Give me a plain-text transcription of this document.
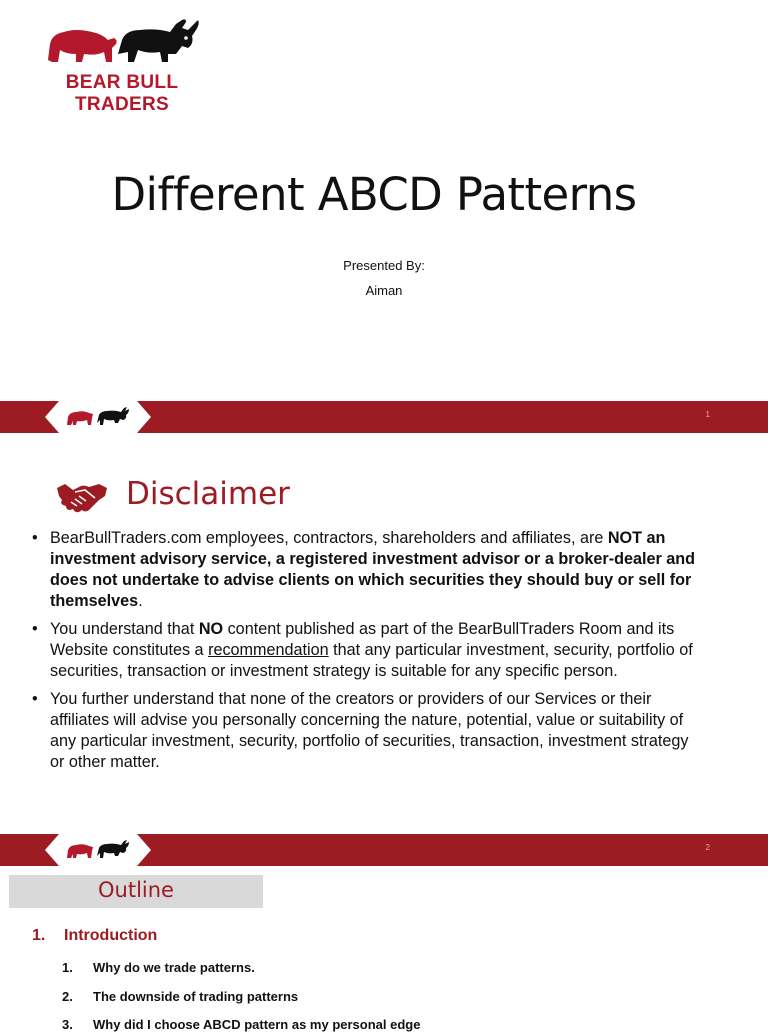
BEAR BULL TRADERS
Different ABCD Patterns
Presented By:
Aiman
1
Disclaimer
• BearBullTraders.com employees, contractors, shareholders and affiliates, are NOT an investment advisory service, a registered investment advisor or a broker-dealer and does not undertake to advise clients on which securities they should buy or sell for themselves.
• You understand that NO content published as part of the BearBullTraders Room and its Website constitutes a recommendation that any particular investment, security, portfolio of securities, transaction or investment strategy is suitable for any specific person.
• You further understand that none of the creators or providers of our Services or their affiliates will advise you personally concerning the nature, potential, value or suitability of any particular investment, security, portfolio of securities, transaction, investment strategy or other matter.
2
Outline
1. Introduction
1. Why do we trade patterns.
2. The downside of trading patterns
3. Why did I choose ABCD pattern as my personal edge
